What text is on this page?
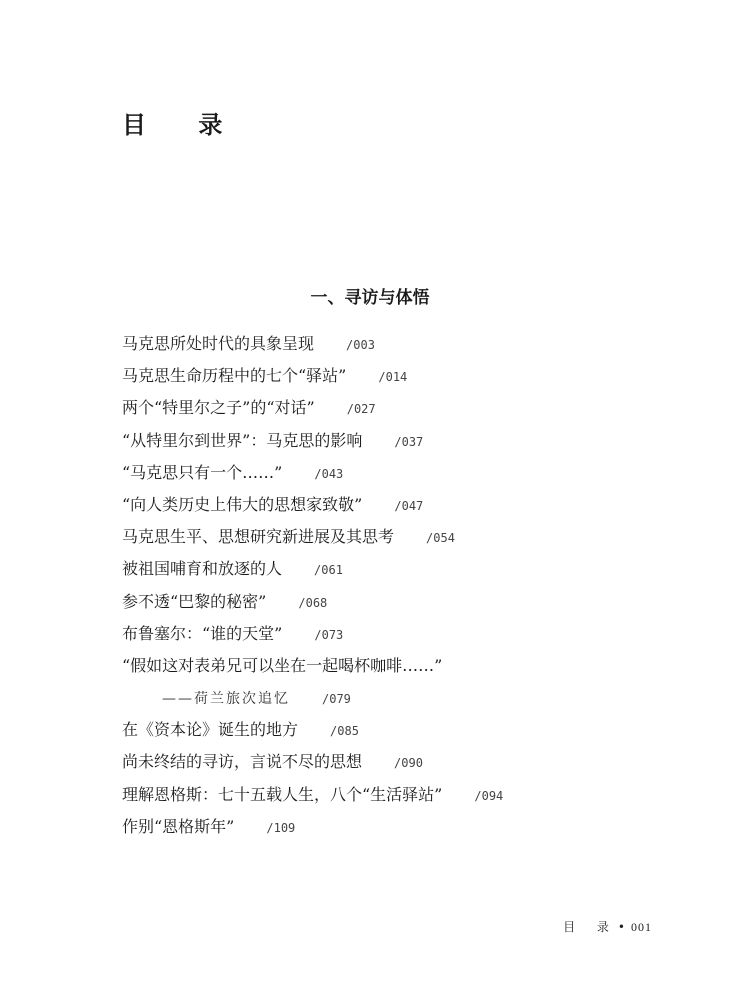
目 录
一、寻访与体悟
马克思所处时代的具象呈现	/003
马克思生命历程中的七个“驿站”	/014
两个“特里尔之子”的“对话”	/027
“从特里尔到世界”：马克思的影响	/037
“马克思只有一个……”	/043
“向人类历史上伟大的思想家致敬”	/047
马克思生平、思想研究新进展及其思考	/054
被祖国哺育和放逐的人	/061
参不透“巴黎的秘密”	/068
布鲁塞尔：“谁的天堂”	/073
“假如这对表弟兄可以坐在一起喝杯咖啡……”
——荷兰旅次追忆	/079
在《资本论》诞生的地方	/085
尚未终结的寻访，言说不尽的思想	/090
理解恩格斯：七十五载人生，八个“生活驿站”	/094
作别“恩格斯年”	/109
目 录• 001
